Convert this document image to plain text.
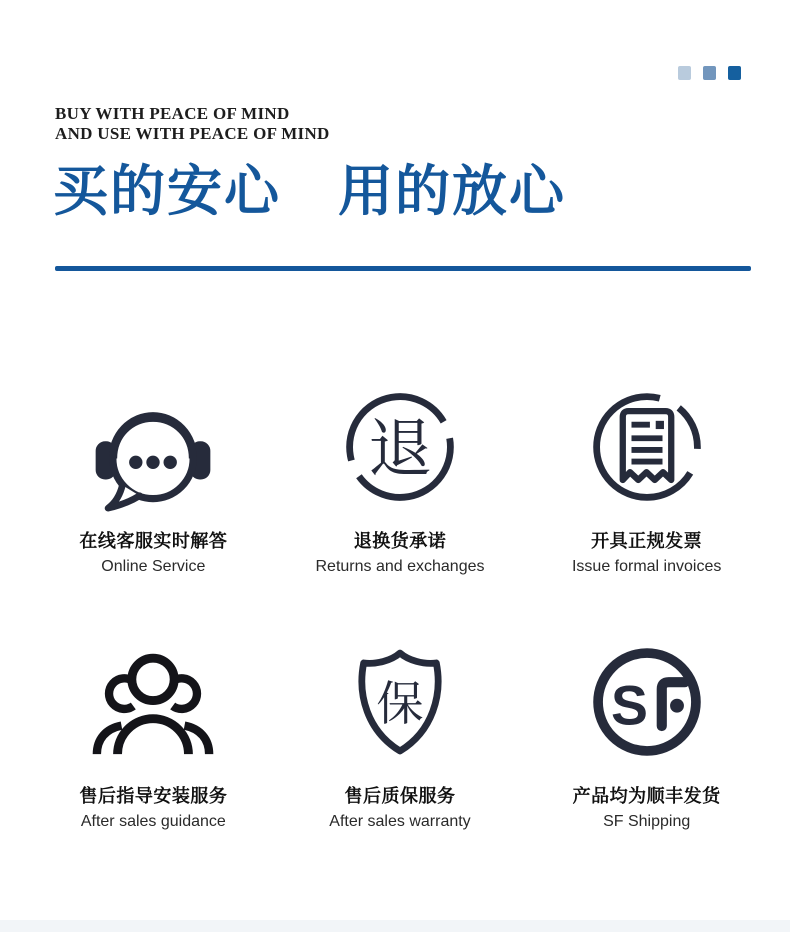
BUY WITH PEACE OF MIND
AND USE WITH PEACE OF MIND
买的安心　用的放心
在线客服实时解答
Online Service
退
退换货承诺
Returns and exchanges
开具正规发票
Issue formal invoices
售后指导安装服务
After sales guidance
保
售后质保服务
After sales warranty
S
产品均为顺丰发货
SF Shipping
